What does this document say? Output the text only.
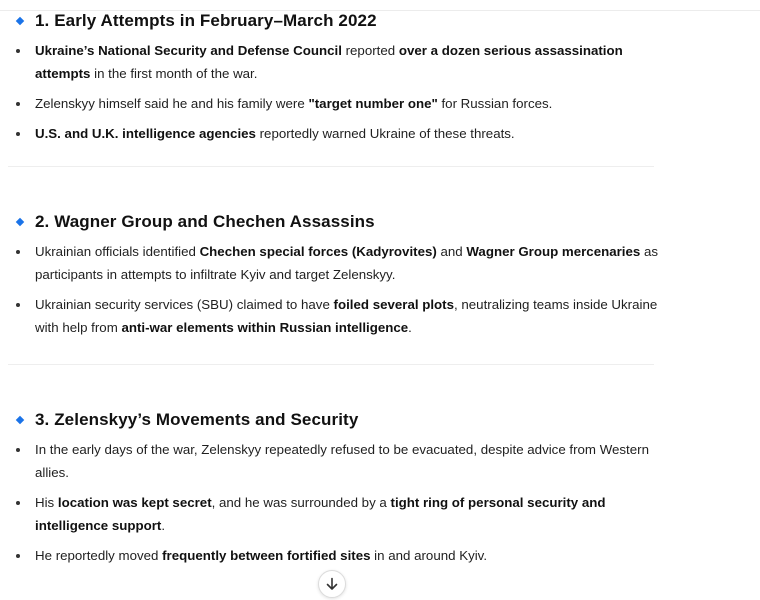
1. Early Attempts in February–March 2022
Ukraine’s National Security and Defense Council reported over a dozen serious assassination attempts in the first month of the war.
Zelenskyy himself said he and his family were "target number one" for Russian forces.
U.S. and U.K. intelligence agencies reportedly warned Ukraine of these threats.
2. Wagner Group and Chechen Assassins
Ukrainian officials identified Chechen special forces (Kadyrovites) and Wagner Group mercenaries as participants in attempts to infiltrate Kyiv and target Zelenskyy.
Ukrainian security services (SBU) claimed to have foiled several plots, neutralizing teams inside Ukraine with help from anti-war elements within Russian intelligence.
3. Zelenskyy’s Movements and Security
In the early days of the war, Zelenskyy repeatedly refused to be evacuated, despite advice from Western allies.
His location was kept secret, and he was surrounded by a tight ring of personal security and intelligence support.
He reportedly moved frequently between fortified sites in and around Kyiv.
